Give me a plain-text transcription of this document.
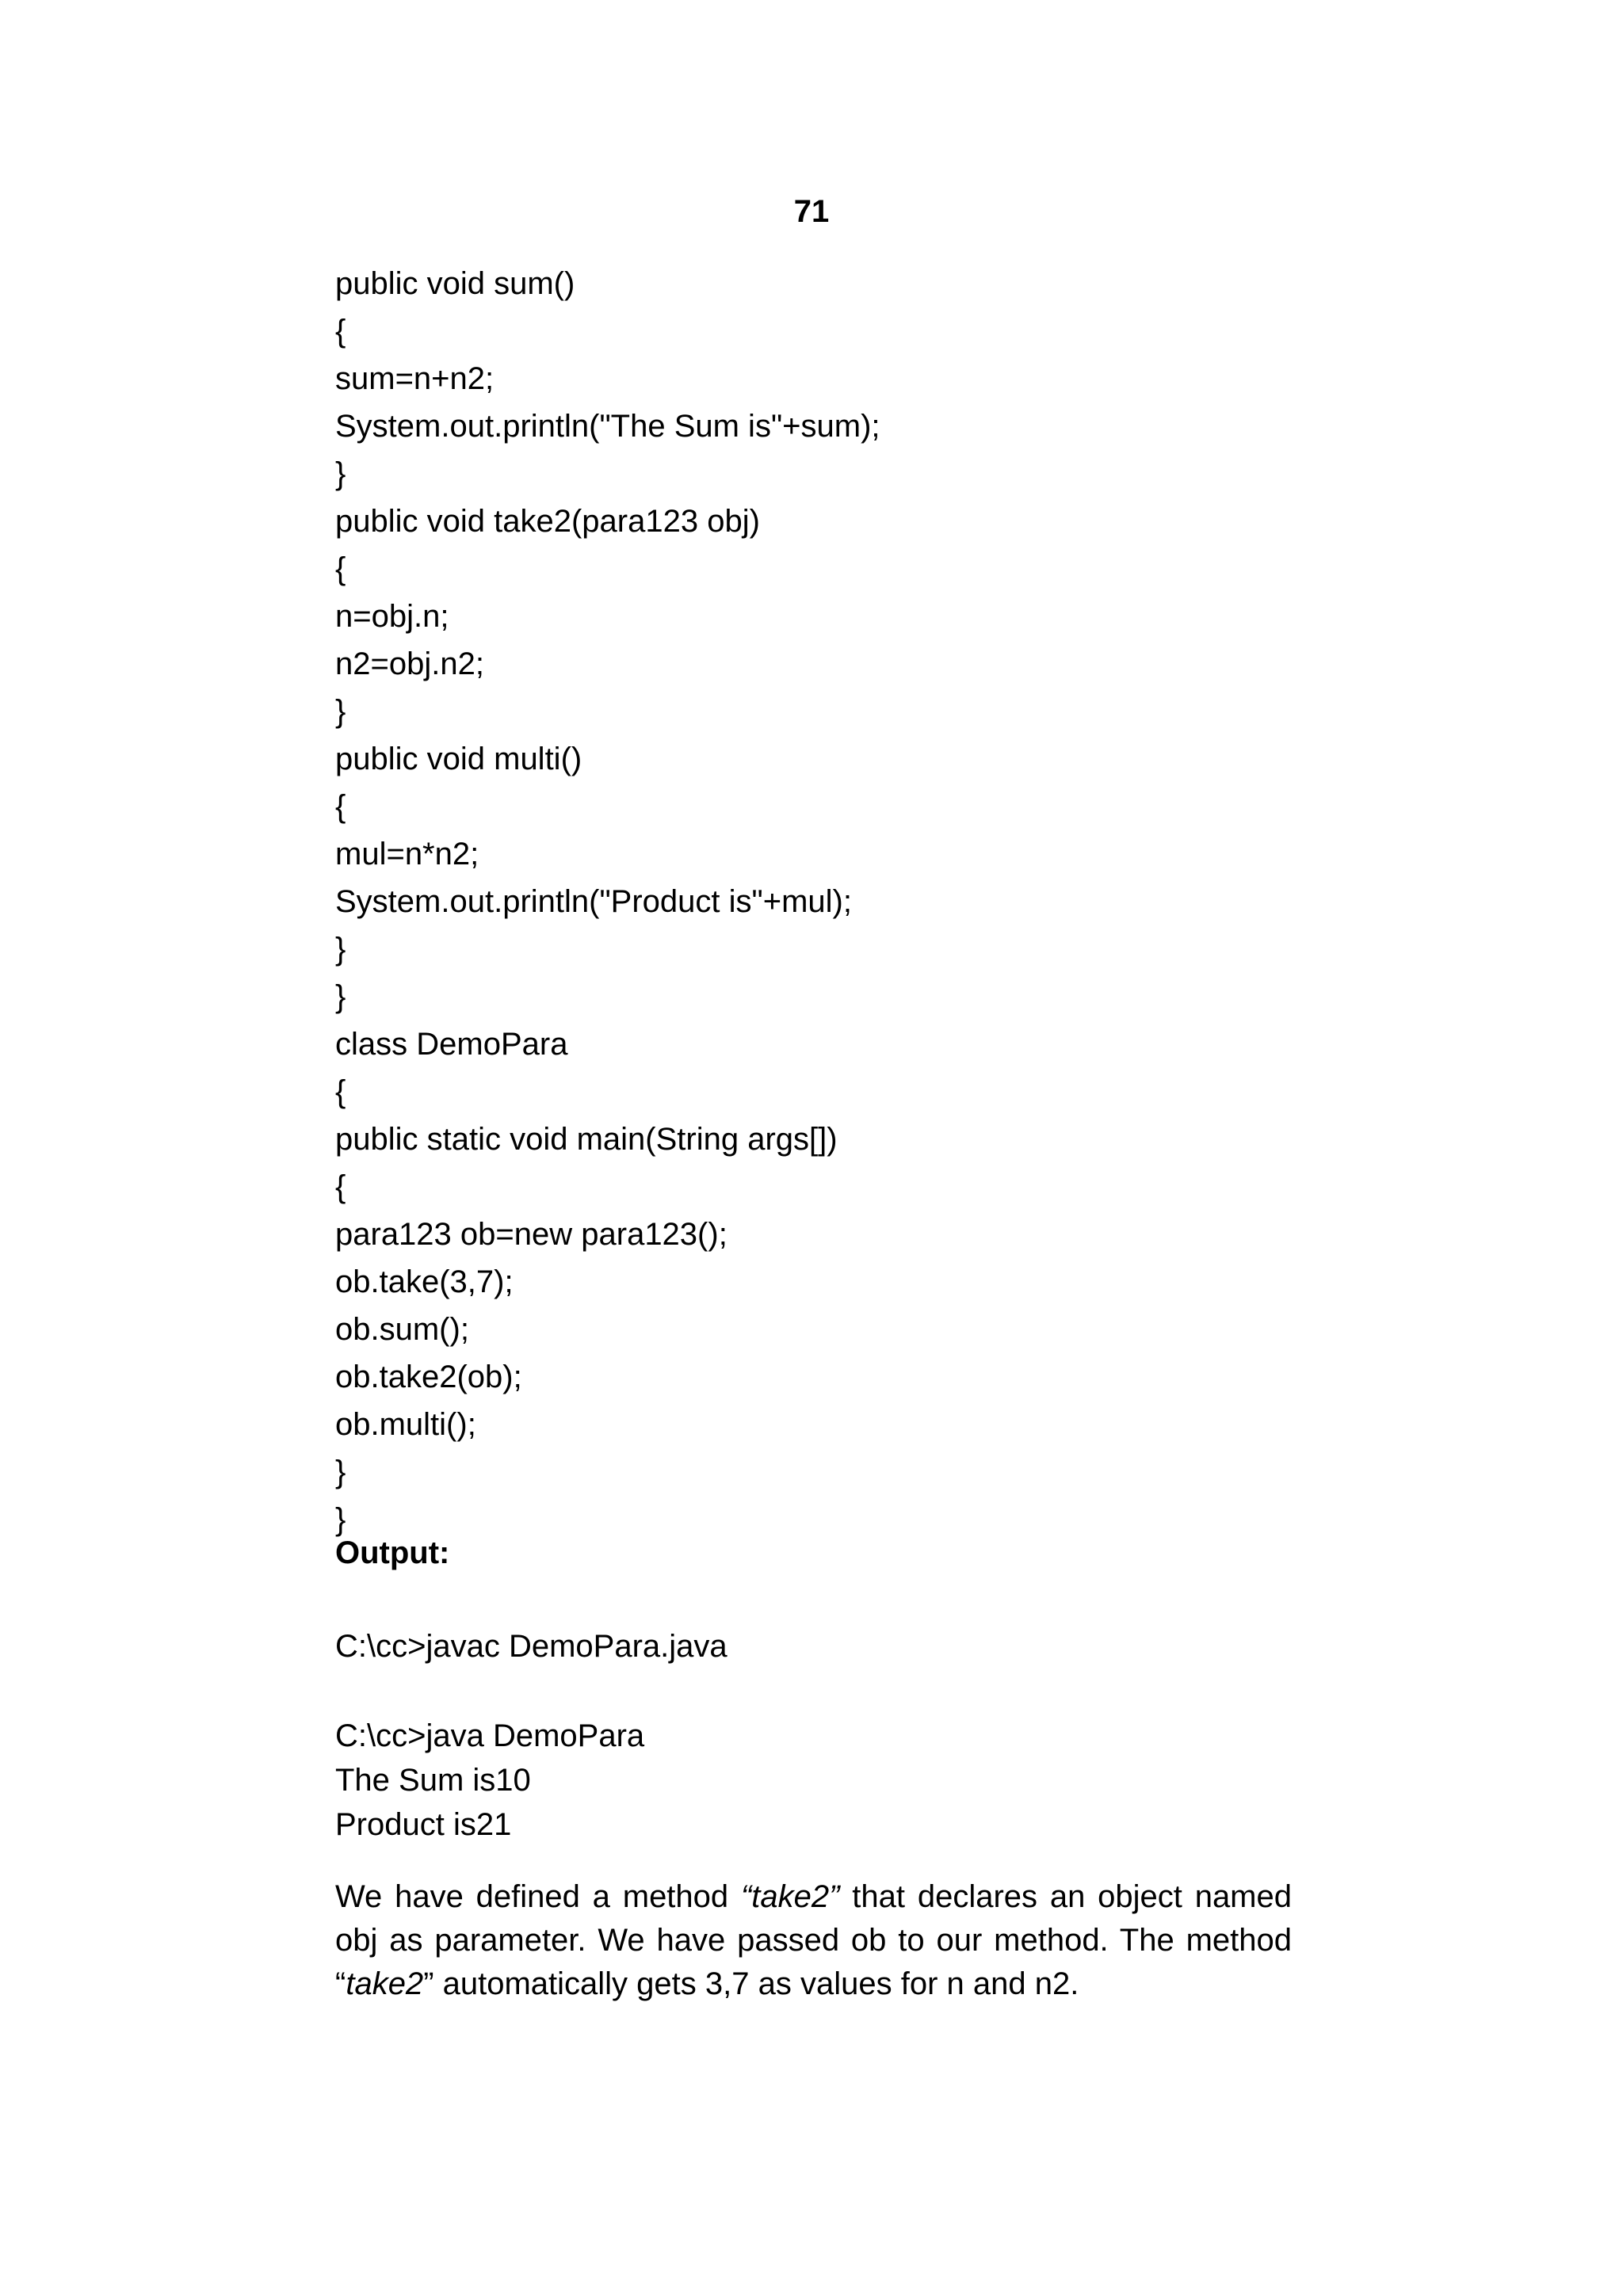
71
public void sum()
{
sum=n+n2;
System.out.println("The Sum is"+sum);
}
public void take2(para123 obj)
{
n=obj.n;
n2=obj.n2;
}
public void multi()
{
mul=n*n2;
System.out.println("Product is"+mul);
}
}
class DemoPara
{
public static void main(String args[])
{
para123 ob=new para123();
ob.take(3,7);
ob.sum();
ob.take2(ob);
ob.multi();
}
}
Output:
C:\cc>javac DemoPara.java
C:\cc>java DemoPara
The Sum is10
Product is21

We have defined a method “take2” that declares an object named obj as parameter. We have passed ob to our method. The method “take2” automatically gets 3,7 as values for n and n2.
